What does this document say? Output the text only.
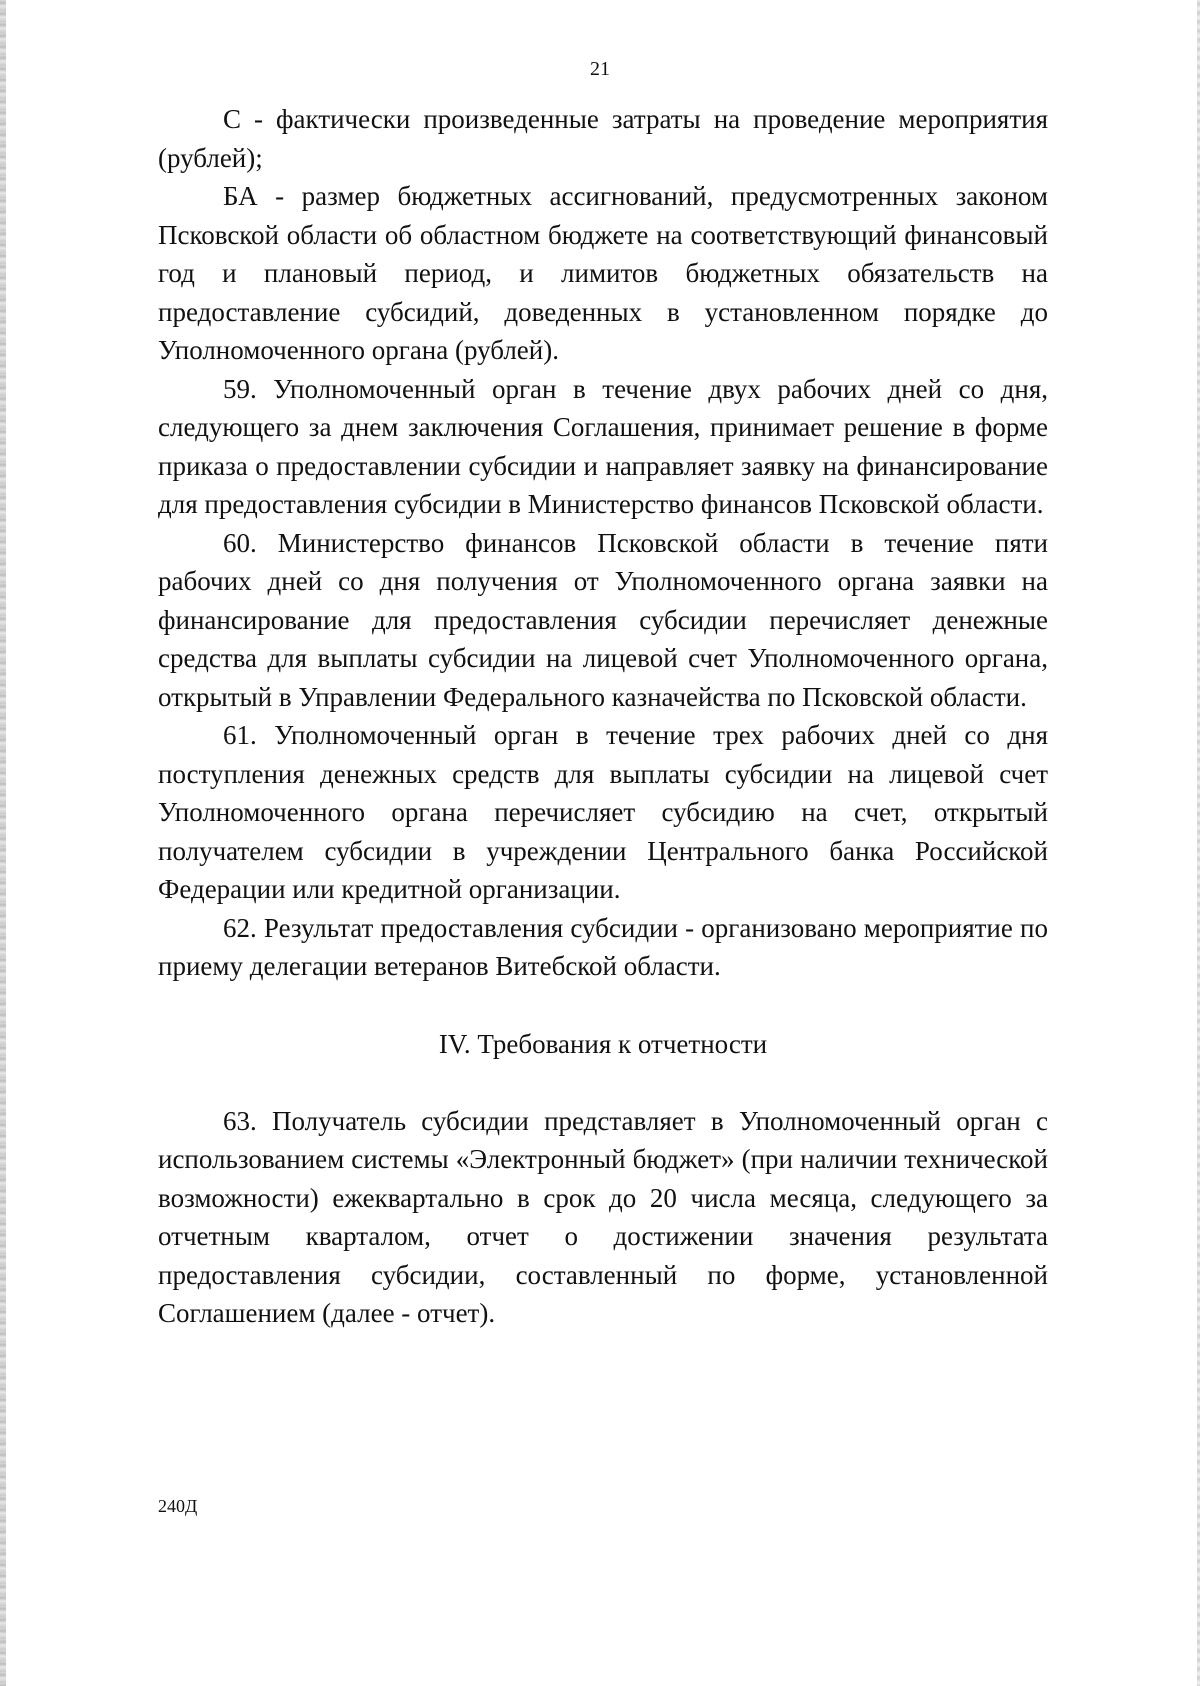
21

С - фактически произведенные затраты на проведение мероприятия (рублей);

БА - размер бюджетных ассигнований, предусмотренных законом Псковской области об областном бюджете на соответствующий финансовый год и плановый период, и лимитов бюджетных обязательств на предоставление субсидий, доведенных в установленном порядке до Уполномоченного органа (рублей).

59. Уполномоченный орган в течение двух рабочих дней со дня, следующего за днем заключения Соглашения, принимает решение в форме приказа о предоставлении субсидии и направляет заявку на финансирование для предоставления субсидии в Министерство финансов Псковской области.

60. Министерство финансов Псковской области в течение пяти рабочих дней со дня получения от Уполномоченного органа заявки на финансирование для предоставления субсидии перечисляет денежные средства для выплаты субсидии на лицевой счет Уполномоченного органа, открытый в Управлении Федерального казначейства по Псковской области.

61. Уполномоченный орган в течение трех рабочих дней со дня поступления денежных средств для выплаты субсидии на лицевой счет Уполномоченного органа перечисляет субсидию на счет, открытый получателем субсидии в учреждении Центрального банка Российской Федерации или кредитной организации.

62. Результат предоставления субсидии - организовано мероприятие по приему делегации ветеранов Витебской области.

IV. Требования к отчетности

63. Получатель субсидии представляет в Уполномоченный орган с использованием системы «Электронный бюджет» (при наличии технической возможности) ежеквартально в срок до 20 числа месяца, следующего за отчетным кварталом, отчет о достижении значения результата предоставления субсидии, составленный по форме, установленной Соглашением (далее - отчет).

240Д
